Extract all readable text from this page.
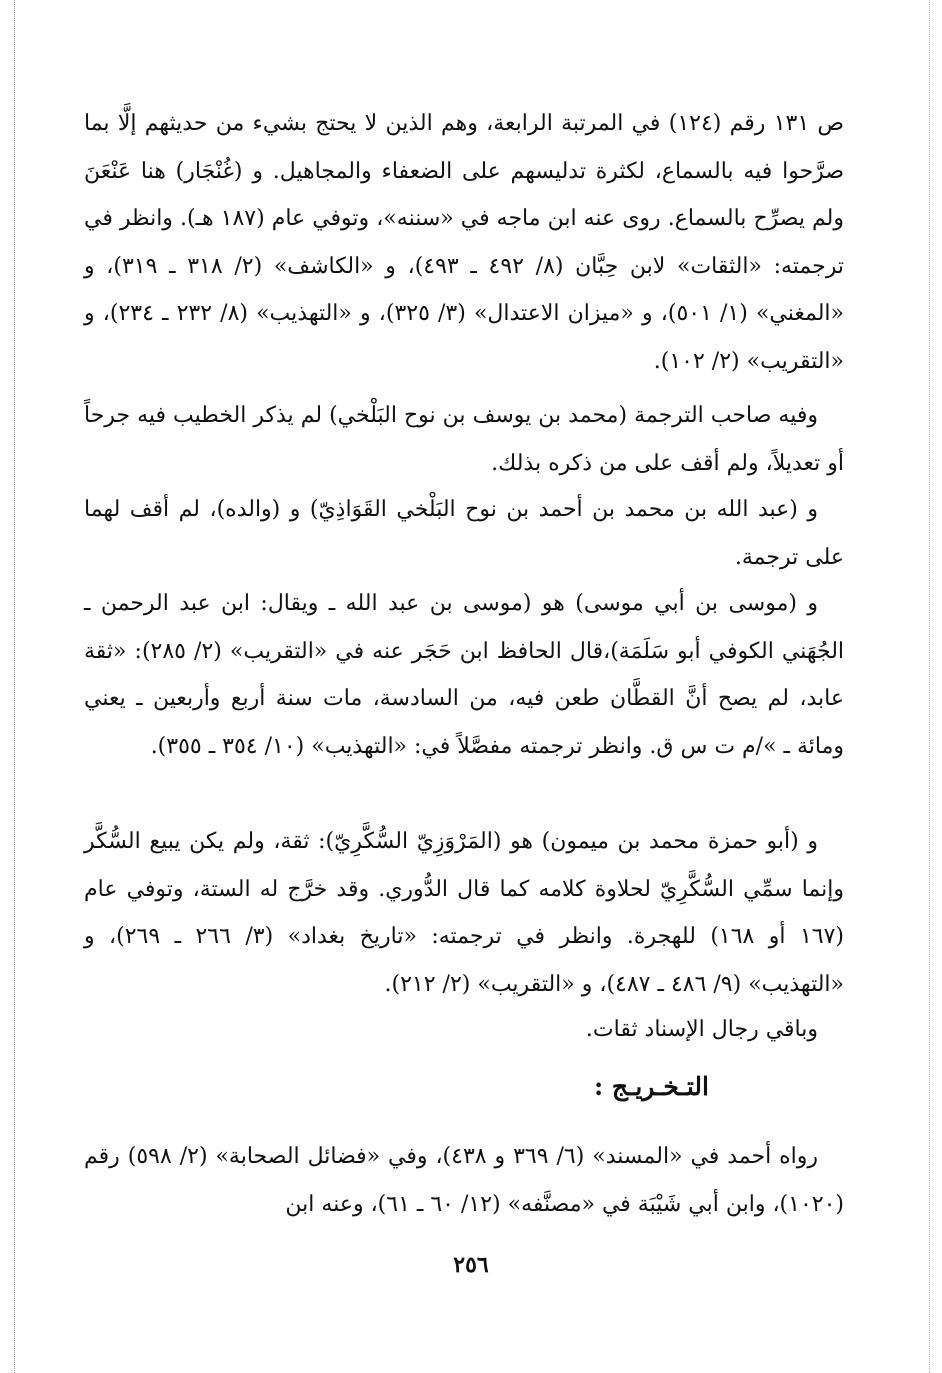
ص ١٣١ رقم (١٢٤) في المرتبة الرابعة، وهم الذين لا يحتج بشيء من حديثهم إلَّا بما صرَّحوا فيه بالسماع، لكثرة تدليسهم على الضعفاء والمجاهيل. و (غُنْجَار) هنا عَنْعَنَ ولم يصرِّح بالسماع. روى عنه ابن ماجه في «سننه»، وتوفي عام (١٨٧ هـ). وانظر في ترجمته: «الثقات» لابن حِبَّان (٨/ ٤٩٢ ـ ٤٩٣)، و «الكاشف» (٢/ ٣١٨ ـ ٣١٩)، و «المغني» (١/ ٥٠١)، و «ميزان الاعتدال» (٣/ ٣٢٥)، و «التهذيب» (٨/ ٢٣٢ ـ ٢٣٤)، و «التقريب» (٢/ ١٠٢).

وفيه صاحب الترجمة (محمد بن يوسف بن نوح البَلْخي) لم يذكر الخطيب فيه جرحاً أو تعديلاً، ولم أقف على من ذكره بذلك.

و (عبد الله بن محمد بن أحمد بن نوح البَلْخي القَوَاذِيّ) و (والده)، لم أقف لهما على ترجمة.

و (موسى بن أبي موسى) هو (موسى بن عبد الله ـ ويقال: ابن عبد الرحمن ـ الجُهَني الكوفي أبو سَلَمَة)،قال الحافظ ابن حَجَر عنه في «التقريب» (٢/ ٢٨٥): «ثقة عابد، لم يصح أنَّ القطَّان طعن فيه، من السادسة، مات سنة أربع وأربعين ـ يعني ومائة ـ »/م ت س ق. وانظر ترجمته مفصَّلاً في: «التهذيب» (١٠/ ٣٥٤ ـ ٣٥٥).

و (أبو حمزة محمد بن ميمون) هو (المَرْوَزِيّ السُّكَّرِيّ): ثقة، ولم يكن يبيع السُّكَّر وإنما سمِّي السُّكَّرِيّ لحلاوة كلامه كما قال الدُّوري. وقد خرَّج له الستة، وتوفي عام (١٦٧ أو ١٦٨) للهجرة. وانظر في ترجمته: «تاريخ بغداد» (٣/ ٢٦٦ ـ ٢٦٩)، و «التهذيب» (٩/ ٤٨٦ ـ ٤٨٧)، و «التقريب» (٢/ ٢١٢).

وباقي رجال الإسناد ثقات.

التـخـريـج :

رواه أحمد في «المسند» (٦/ ٣٦٩ و ٤٣٨)، وفي «فضائل الصحابة» (٢/ ٥٩٨) رقم (١٠٢٠)، وابن أبي شَيْبَة في «مصنَّفه» (١٢/ ٦٠ ـ ٦١)، وعنه ابن

٢٥٦
